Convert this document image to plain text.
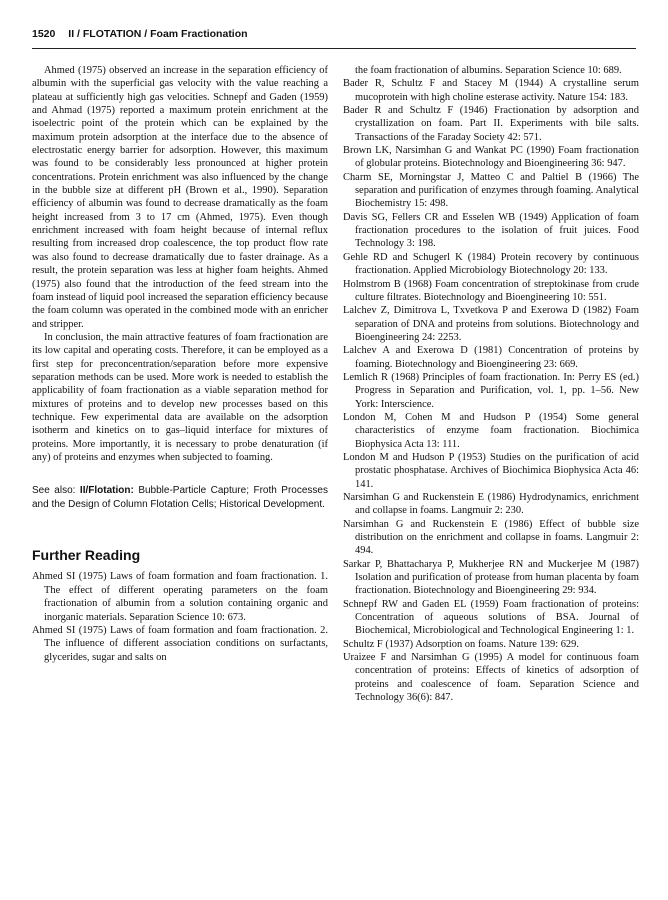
1520 II / FLOTATION / Foam Fractionation

Ahmed (1975) observed an increase in the separation efficiency of albumin with the superficial gas velocity with the value reaching a plateau at sufficiently high gas velocities. Schnepf and Gaden (1959) and Ahmad (1975) reported a maximum protein enrichment at the isoelectric point of the protein which can be explained by the maximum protein adsorption at the interface due to the absence of electrostatic energy barrier for adsorption. However, this maximum was found to be considerably less pronounced at higher protein concentrations. Protein enrichment was also influenced by the change in the bubble size at different pH (Brown et al., 1990). Separation efficiency of albumin was found to decrease dramatically as the foam height increased from 3 to 17 cm (Ahmed, 1975). Even though enrichment increased with foam height because of internal reflux resulting from increased drop coalescence, the top product flow rate was also found to decrease dramatically due to faster drainage. As a result, the protein separation was less at higher foam heights. Ahmed (1975) also found that the introduction of the feed stream into the foam instead of liquid pool increased the separation efficiency because the foam column was operated in the combined mode with an enricher and stripper.

In conclusion, the main attractive features of foam fractionation are its low capital and operating costs. Therefore, it can be employed as a first step for preconcentration/separation before more expensive separation methods can be used. More work is needed to establish the applicability of foam fractionation as a viable separation method for mixtures of proteins and to develop new processes based on this technique. Few experimental data are available on the adsorption isotherm and kinetics on to gas–liquid interface for mixtures of proteins. More importantly, it is necessary to probe denaturation (if any) of proteins and enzymes when subjected to foaming.

See also: II/Flotation: Bubble-Particle Capture; Froth Processes and the Design of Column Flotation Cells; Historical Development.
Further Reading

Ahmed SI (1975) Laws of foam formation and foam fractionation. 1. The effect of different operating parameters on the foam fractionation of albumin from a solution containing organic and inorganic materials. Separation Science 10: 673.

Ahmed SI (1975) Laws of foam formation and foam fractionation. 2. The influence of different association conditions on surfactants, glycerides, sugar and salts on

the foam fractionation of albumins. Separation Science 10: 689.

Bader R, Schultz F and Stacey M (1944) A crystalline serum mucoprotein with high choline esterase activity. Nature 154: 183.

Bader R and Schultz F (1946) Fractionation by adsorption and crystallization on foam. Part II. Experiments with bile salts. Transactions of the Faraday Society 42: 571.

Brown LK, Narsimhan G and Wankat PC (1990) Foam fractionation of globular proteins. Biotechnology and Bioengineering 36: 947.

Charm SE, Morningstar J, Matteo C and Paltiel B (1966) The separation and purification of enzymes through foaming. Analytical Biochemistry 15: 498.

Davis SG, Fellers CR and Esselen WB (1949) Application of foam fractionation procedures to the isolation of fruit juices. Food Technology 3: 198.

Gehle RD and Schugerl K (1984) Protein recovery by continuous fractionation. Applied Microbiology Biotechnology 20: 133.

Holmstrom B (1968) Foam concentration of streptokinase from crude culture filtrates. Biotechnology and Bioengineering 10: 551.

Lalchev Z, Dimitrova L, Txvetkova P and Exerowa D (1982) Foam separation of DNA and proteins from solutions. Biotechnology and Bioengineering 24: 2253.

Lalchev A and Exerowa D (1981) Concentration of proteins by foaming. Biotechnology and Bioengineering 23: 669.

Lemlich R (1968) Principles of foam fractionation. In: Perry ES (ed.) Progress in Separation and Purification, vol. 1, pp. 1–56. New York: Interscience.

London M, Cohen M and Hudson P (1954) Some general characteristics of enzyme foam fractionation. Biochimica Biophysica Acta 13: 111.

London M and Hudson P (1953) Studies on the purification of acid prostatic phosphatase. Archives of Biochimica Biophysica Acta 46: 141.

Narsimhan G and Ruckenstein E (1986) Hydrodynamics, enrichment and collapse in foams. Langmuir 2: 230.

Narsimhan G and Ruckenstein E (1986) Effect of bubble size distribution on the enrichment and collapse in foams. Langmuir 2: 494.

Sarkar P, Bhattacharya P, Mukherjee RN and Muckerjee M (1987) Isolation and purification of protease from human placenta by foam fractionation. Biotechnology and Bioengineering 29: 934.

Schnepf RW and Gaden EL (1959) Foam fractionation of proteins: Concentration of aqueous solutions of BSA. Journal of Biochemical, Microbiological and Technological Engineering 1: 1.

Schultz F (1937) Adsorption on foams. Nature 139: 629.

Uraizee F and Narsimhan G (1995) A model for continuous foam concentration of proteins: Effects of kinetics of adsorption of proteins and coalescence of foam. Separation Science and Technology 36(6): 847.
